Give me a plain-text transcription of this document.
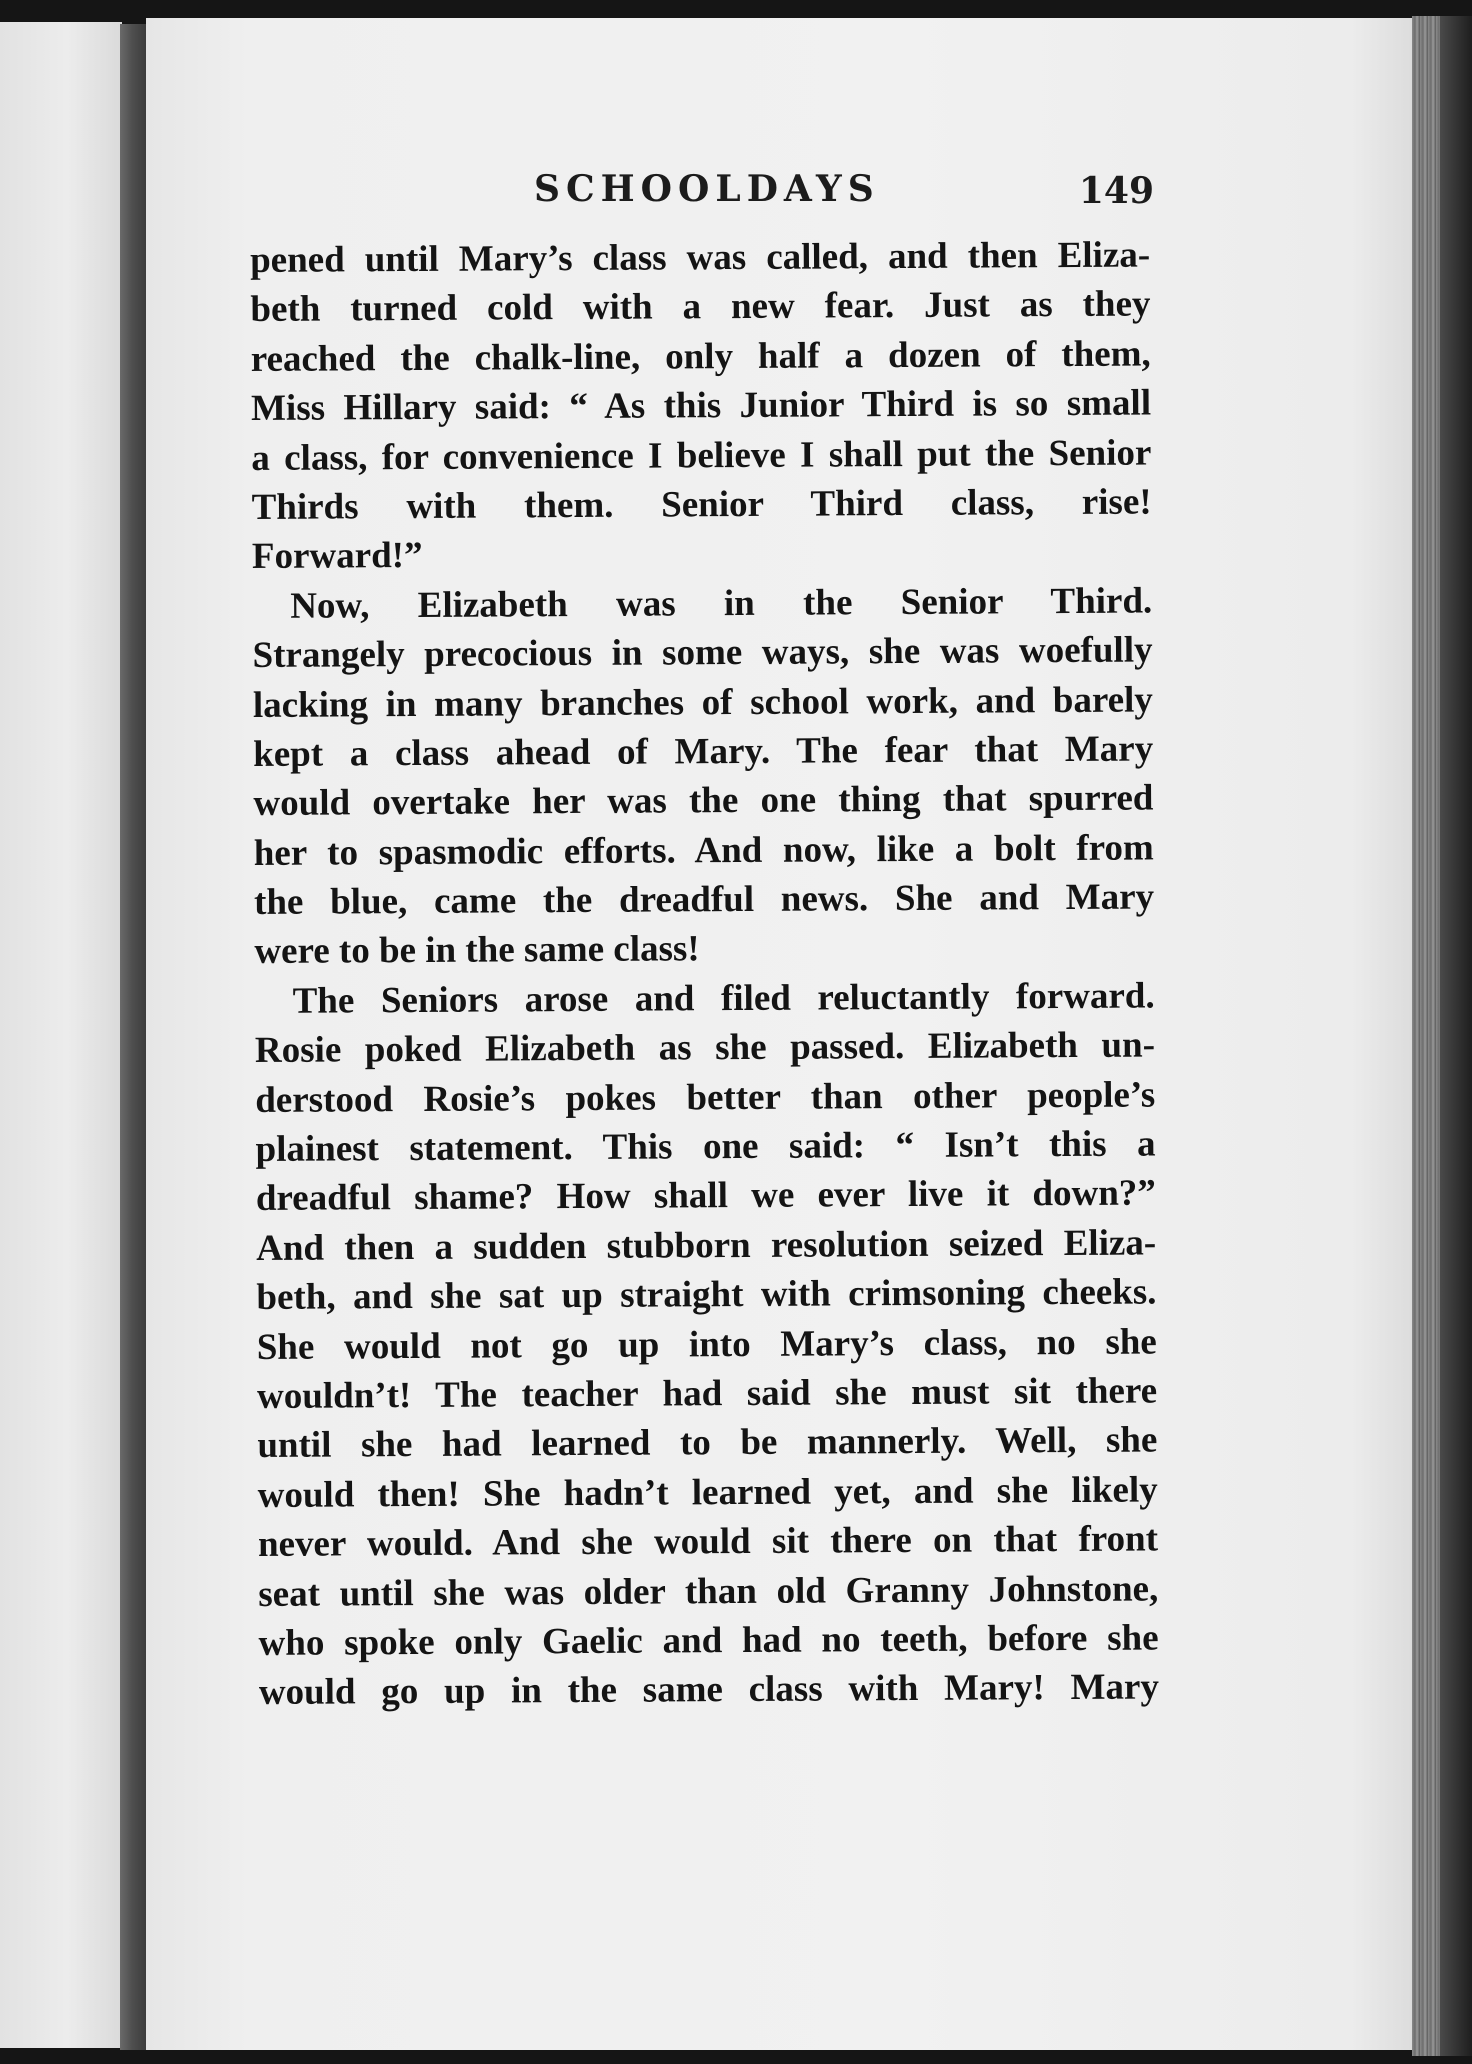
SCHOOLDAYS	149
pened until Mary’s class was called, and then Eliza-
beth turned cold with a new fear. Just as they
reached the chalk-line, only half a dozen of them,
Miss Hillary said: “ As this Junior Third is so small
a class, for convenience I believe I shall put the Senior
Thirds with them. Senior Third class, rise!
Forward!”
Now, Elizabeth was in the Senior Third.
Strangely precocious in some ways, she was woefully
lacking in many branches of school work, and barely
kept a class ahead of Mary. The fear that Mary
would overtake her was the one thing that spurred
her to spasmodic efforts. And now, like a bolt from
the blue, came the dreadful news. She and Mary
were to be in the same class!
The Seniors arose and filed reluctantly forward.
Rosie poked Elizabeth as she passed. Elizabeth un-
derstood Rosie’s pokes better than other people’s
plainest statement. This one said: “ Isn’t this a
dreadful shame? How shall we ever live it down?”
And then a sudden stubborn resolution seized Eliza-
beth, and she sat up straight with crimsoning cheeks.
She would not go up into Mary’s class, no she
wouldn’t! The teacher had said she must sit there
until she had learned to be mannerly. Well, she
would then! She hadn’t learned yet, and she likely
never would. And she would sit there on that front
seat until she was older than old Granny Johnstone,
who spoke only Gaelic and had no teeth, before she
would go up in the same class with Mary! Mary
